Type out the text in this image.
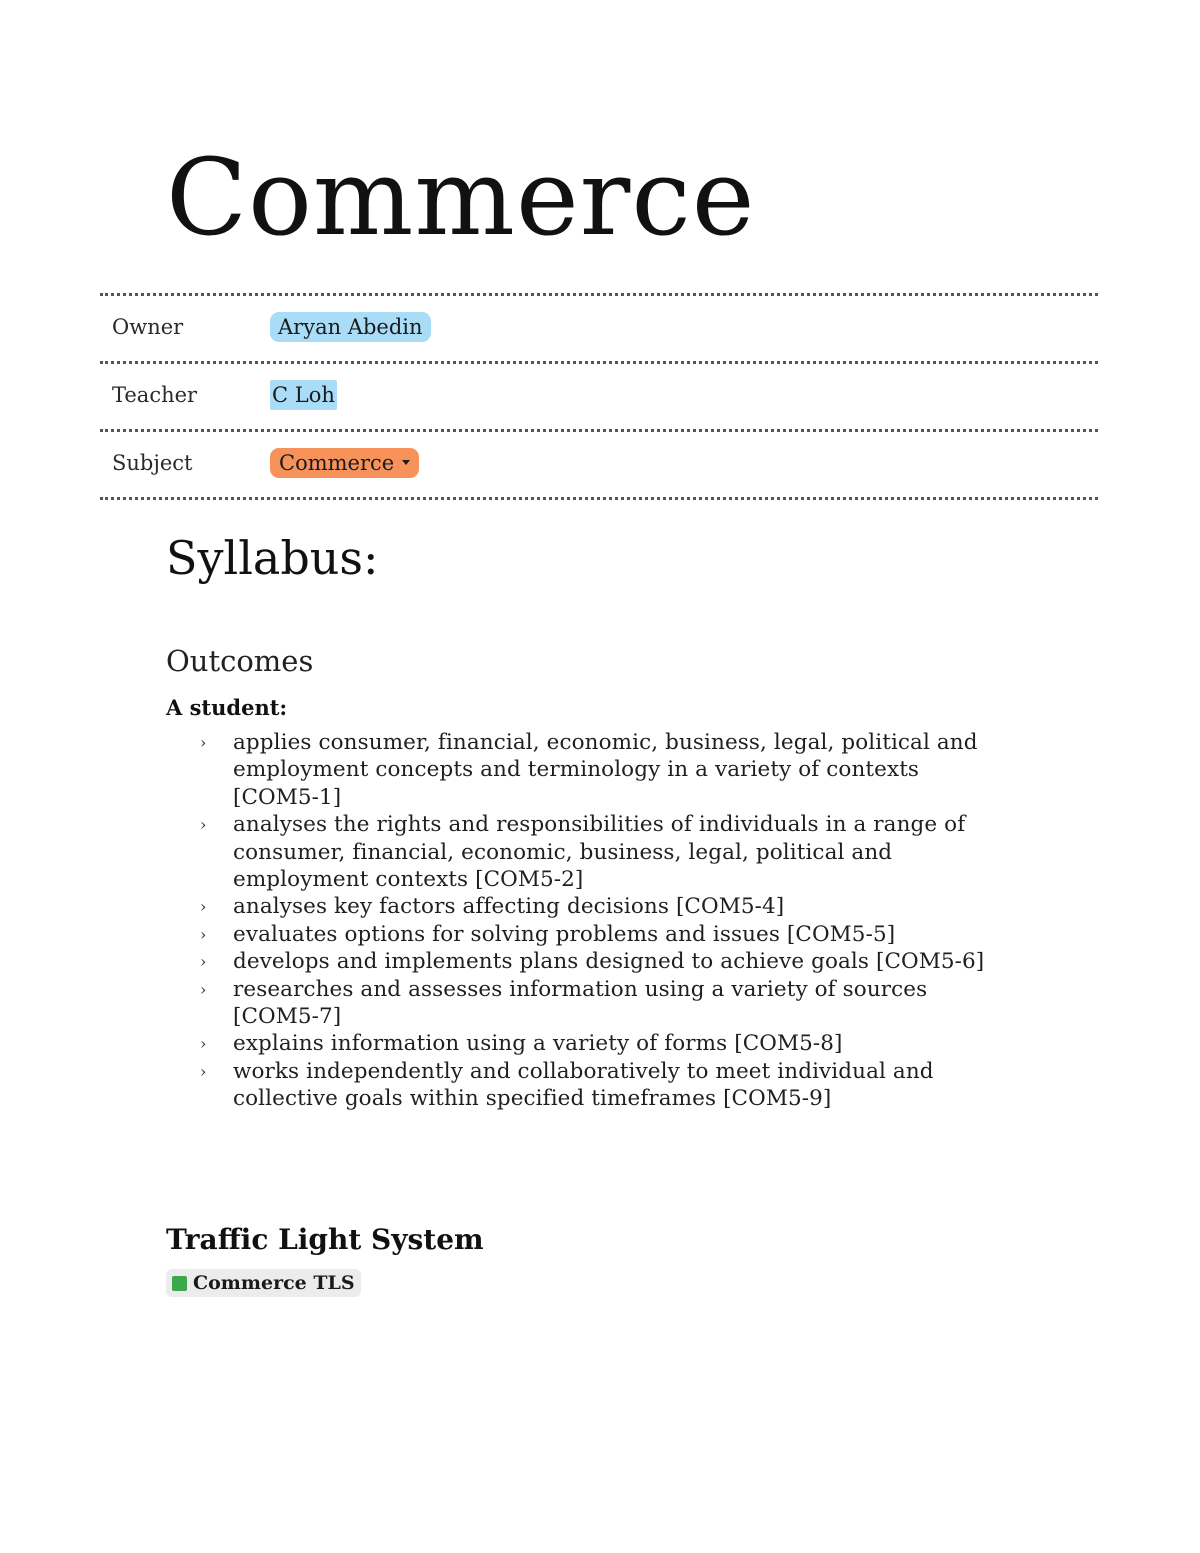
Commerce
Owner	Aryan Abedin
Teacher	C Loh
Subject	Commerce
Syllabus:
Outcomes

A student:

› applies consumer, financial, economic, business, legal, political and
employment concepts and terminology in a variety of contexts
[COM5-1]
› analyses the rights and responsibilities of individuals in a range of
consumer, financial, economic, business, legal, political and
employment contexts [COM5-2]
› analyses key factors affecting decisions [COM5-4]
› evaluates options for solving problems and issues [COM5-5]
› develops and implements plans designed to achieve goals [COM5-6]
› researches and assesses information using a variety of sources
[COM5-7]
› explains information using a variety of forms [COM5-8]
› works independently and collaboratively to meet individual and
collective goals within specified timeframes [COM5-9]
Traffic Light System
Commerce TLS
